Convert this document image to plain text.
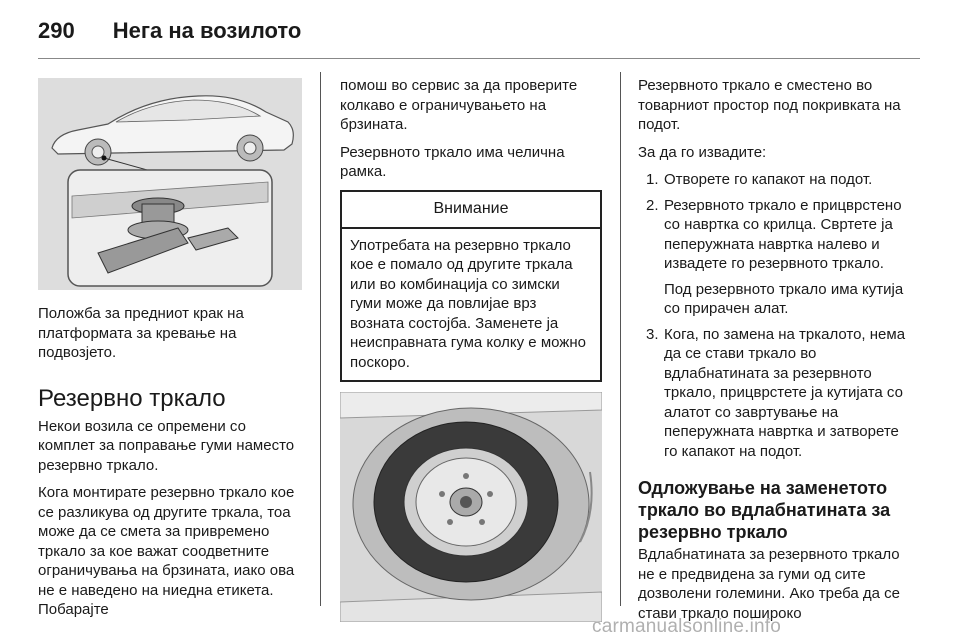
290 Нега на возилото

Положба за предниот крак на платформата за кревање на подвозјето.

Резервно тркало

Некои возила се опремени со комплет за поправање гуми наместо резервно тркало.

Кога монтирате резервно тркало кое се разликува од другите тркала, тоа може да се смета за привремено тркало за кое важат соодветните ограничувања на брзината, иако ова не е наведено на ниедна етикета. Побарајте

помош во сервис за да проверите колкаво е ограничувањето на брзината.

Резервното тркало има челична рамка.

Внимание
Употребата на резервно тркало кое е помало од другите тркала или во комбинација со зимски гуми може да повлијае врз возната состојба. Заменете ја неисправната гума колку е можно поскоро.

Резервното тркало е сместено во товарниот простор под покривката на подот.

За да го извадите:

1. Отворете го капакот на подот.

2. Резервното тркало е прицврстено со навртка со крилца. Свртете ја пеперужната навртка налево и извадете го резервното тркало.

Под резервното тркало има кутија со прирачен алат.

3. Кога, по замена на тркалото, нема да се стави тркало во вдлабнатината за резервното тркало, прицврстете ја кутијата со алатот со завртување на пеперужната навртка и затворете го капакот на подот.

Одложување на заменетото тркало во вдлабнатината за резервно тркало

Вдлабнатината за резервното тркало не е предвидена за гуми од сите дозволени големини. Ако треба да се стави тркало пошироко

carmanualsonline.info
